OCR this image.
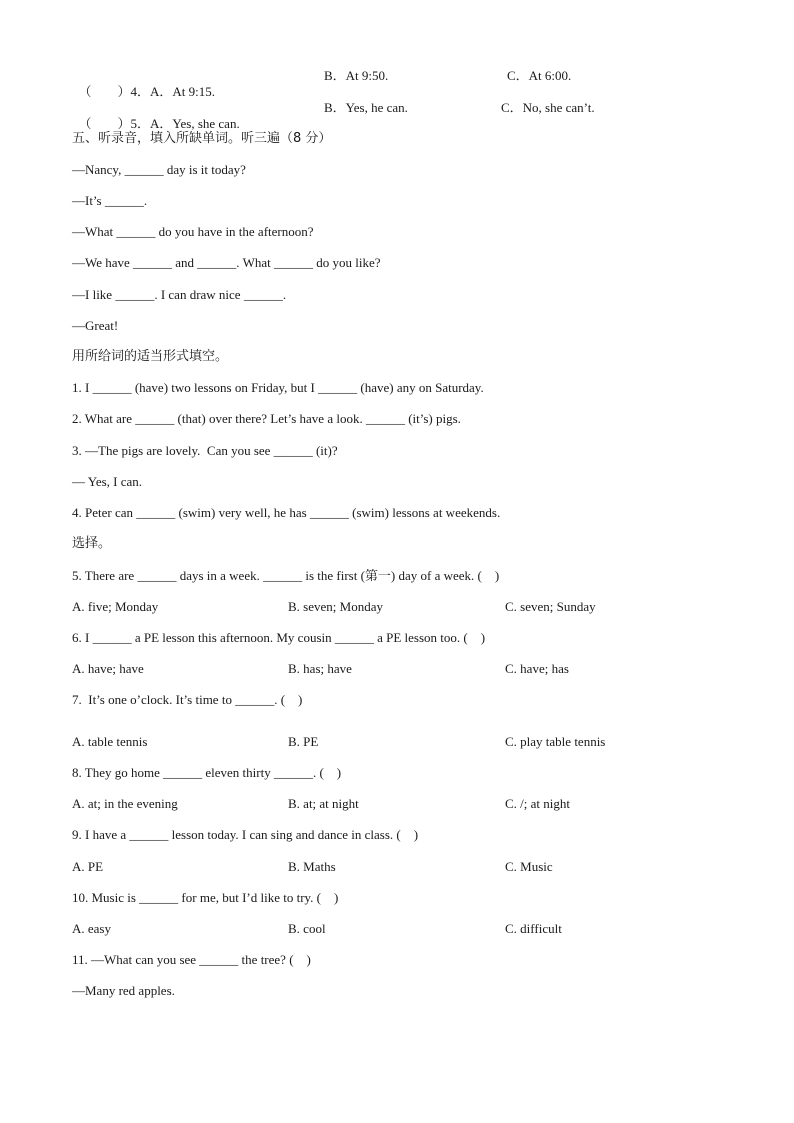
（　　）4．A．At 9:15.

B．At 9:50.	C．At 6:00.

（　　）5．A．Yes, she can.

B．Yes, he can.	C．No, she can’t.
五、听录音，填入所缺单词。听三遍（8 分）
—Nancy, ______ day is it today?
—It’s ______.
—What ______ do you have in the afternoon?
—We have ______ and ______. What ______ do you like?
—I like ______. I can draw nice ______.
—Great!
用所给词的适当形式填空。
1. I ______ (have) two lessons on Friday, but I ______ (have) any on Saturday.
2. What are ______ (that) over there? Let’s have a look. ______ (it’s) pigs.
3. —The pigs are lovely.  Can you see ______ (it)?
— Yes, I can.
4. Peter can ______ (swim) very well, he has ______ (swim) lessons at weekends.
选择。
5. There are ______ days in a week. ______ is the first (第一) day of a week. (    )
A. five; Monday	B. seven; Monday	C. seven; Sunday
6. I ______ a PE lesson this afternoon. My cousin ______ a PE lesson too. (    )
A. have; have	B. has; have	C. have; has
7.  It’s one o’clock. It’s time to ______. (    )
A. table tennis	B. PE	C. play table tennis
8. They go home ______ eleven thirty ______. (    )
A. at; in the evening	B. at; at night	C. /; at night
9. I have a ______ lesson today. I can sing and dance in class. (    )
A. PE	B. Maths	C. Music
10. Music is ______ for me, but I’d like to try. (    )
A. easy	B. cool	C. difficult
11. —What can you see ______ the tree? (    )
—Many red apples.
